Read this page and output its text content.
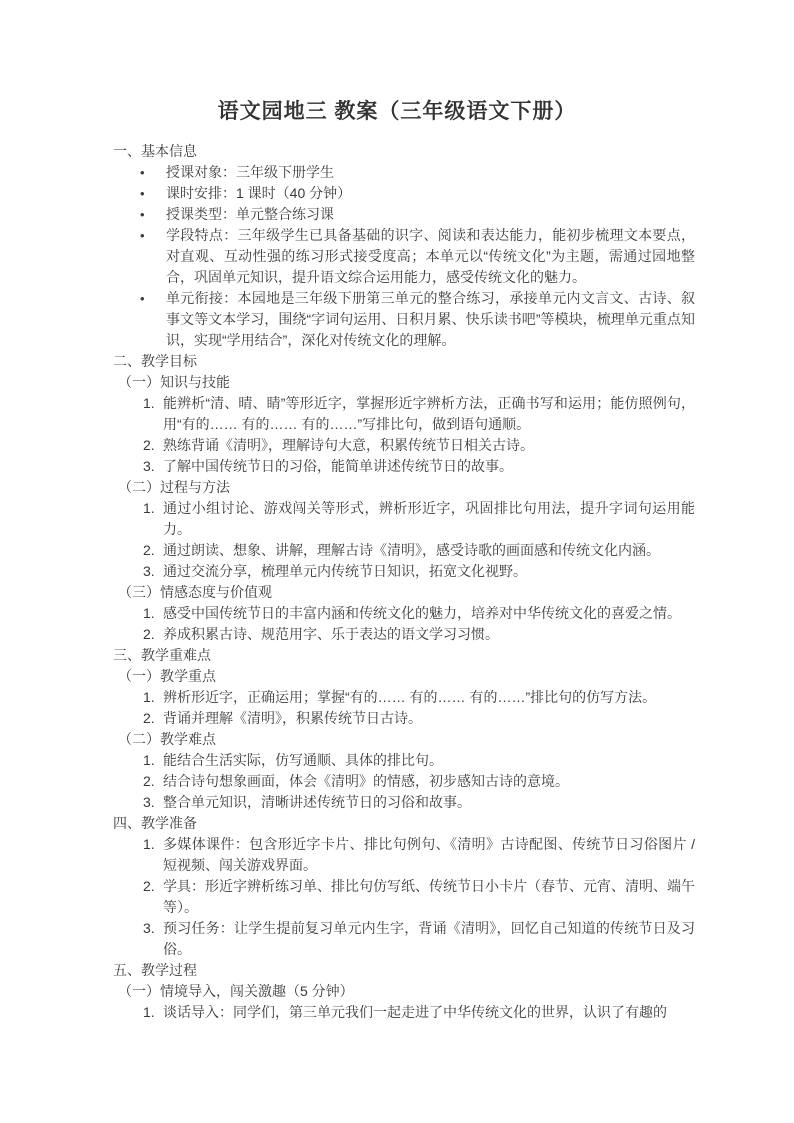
语文园地三 教案（三年级语文下册）
一、基本信息
• 授课对象：三年级下册学生
• 课时安排：1 课时（40 分钟）
• 授课类型：单元整合练习课
• 学段特点：三年级学生已具备基础的识字、阅读和表达能力，能初步梳理文本要点，对直观、互动性强的练习形式接受度高；本单元以“传统文化”为主题，需通过园地整合，巩固单元知识，提升语文综合运用能力，感受传统文化的魅力。
• 单元衔接：本园地是三年级下册第三单元的整合练习，承接单元内文言文、古诗、叙事文等文本学习，围绕“字词句运用、日积月累、快乐读书吧”等模块，梳理单元重点知识，实现“学用结合”，深化对传统文化的理解。
二、教学目标
（一）知识与技能
1. 能辨析“清、晴、睛”等形近字，掌握形近字辨析方法，正确书写和运用；能仿照例句，用“有的…… 有的…… 有的……”写排比句，做到语句通顺。
2. 熟练背诵《清明》，理解诗句大意，积累传统节日相关古诗。
3. 了解中国传统节日的习俗，能简单讲述传统节日的故事。
（二）过程与方法
1. 通过小组讨论、游戏闯关等形式，辨析形近字，巩固排比句用法，提升字词句运用能力。
2. 通过朗读、想象、讲解，理解古诗《清明》，感受诗歌的画面感和传统文化内涵。
3. 通过交流分享，梳理单元内传统节日知识，拓宽文化视野。
（三）情感态度与价值观
1. 感受中国传统节日的丰富内涵和传统文化的魅力，培养对中华传统文化的喜爱之情。
2. 养成积累古诗、规范用字、乐于表达的语文学习习惯。
三、教学重难点
（一）教学重点
1. 辨析形近字，正确运用；掌握“有的…… 有的…… 有的……”排比句的仿写方法。
2. 背诵并理解《清明》，积累传统节日古诗。
（二）教学难点
1. 能结合生活实际，仿写通顺、具体的排比句。
2. 结合诗句想象画面，体会《清明》的情感，初步感知古诗的意境。
3. 整合单元知识，清晰讲述传统节日的习俗和故事。
四、教学准备
1. 多媒体课件：包含形近字卡片、排比句例句、《清明》古诗配图、传统节日习俗图片 / 短视频、闯关游戏界面。
2. 学具：形近字辨析练习单、排比句仿写纸、传统节日小卡片（春节、元宵、清明、端午等）。
3. 预习任务：让学生提前复习单元内生字，背诵《清明》，回忆自己知道的传统节日及习俗。
五、教学过程
（一）情境导入，闯关激趣（5 分钟）
1. 谈话导入：同学们，第三单元我们一起走进了中华传统文化的世界，认识了有趣的
